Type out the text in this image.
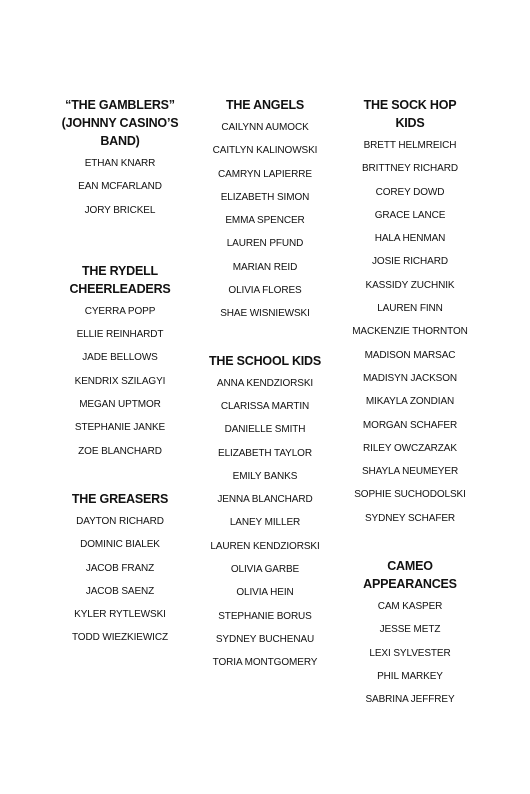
“THE GAMBLERS”
(JOHNNY CASINO’S
BAND)
ETHAN KNARR
EAN MCFARLAND
JORY BRICKEL
THE RYDELL
CHEERLEADERS
CYERRA POPP
ELLIE REINHARDT
JADE BELLOWS
KENDRIX SZILAGYI
MEGAN UPTMOR
STEPHANIE JANKE
ZOE BLANCHARD
THE GREASERS
DAYTON RICHARD
DOMINIC BIALEK
JACOB FRANZ
JACOB SAENZ
KYLER RYTLEWSKI
TODD WIEZKIEWICZ
THE ANGELS
CAILYNN AUMOCK
CAITLYN KALINOWSKI
CAMRYN LAPIERRE
ELIZABETH SIMON
EMMA SPENCER
LAUREN PFUND
MARIAN REID
OLIVIA FLORES
SHAE WISNIEWSKI
THE SCHOOL KIDS
ANNA KENDZIORSKI
CLARISSA MARTIN
DANIELLE SMITH
ELIZABETH TAYLOR
EMILY BANKS
JENNA BLANCHARD
LANEY MILLER
LAUREN KENDZIORSKI
OLIVIA GARBE
OLIVIA HEIN
STEPHANIE BORUS
SYDNEY BUCHENAU
TORIA MONTGOMERY
THE SOCK HOP KIDS
BRETT HELMREICH
BRITTNEY RICHARD
COREY DOWD
GRACE LANCE
HALA HENMAN
JOSIE RICHARD
KASSIDY ZUCHNIK
LAUREN FINN
MACKENZIE THORNTON
MADISON MARSAC
MADISYN JACKSON
MIKAYLA ZONDIAN
MORGAN SCHAFER
RILEY OWCZARZAK
SHAYLA NEUMEYER
SOPHIE SUCHODOLSKI
SYDNEY SCHAFER
CAMEO APPEARANCES
CAM KASPER
JESSE METZ
LEXI SYLVESTER
PHIL MARKEY
SABRINA JEFFREY
